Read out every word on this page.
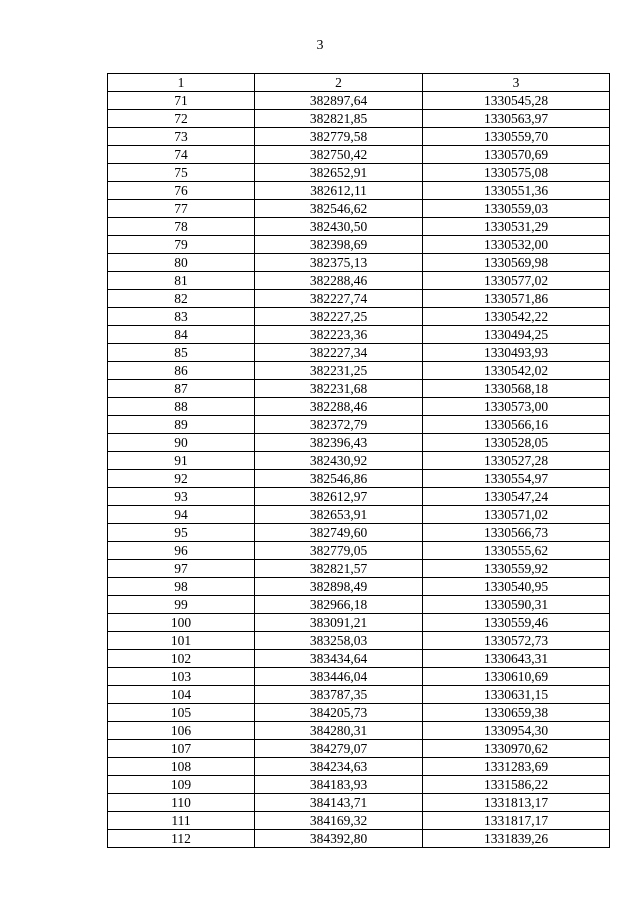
3
1	2	3
71	382897,64	1330545,28
72	382821,85	1330563,97
73	382779,58	1330559,70
74	382750,42	1330570,69
75	382652,91	1330575,08
76	382612,11	1330551,36
77	382546,62	1330559,03
78	382430,50	1330531,29
79	382398,69	1330532,00
80	382375,13	1330569,98
81	382288,46	1330577,02
82	382227,74	1330571,86
83	382227,25	1330542,22
84	382223,36	1330494,25
85	382227,34	1330493,93
86	382231,25	1330542,02
87	382231,68	1330568,18
88	382288,46	1330573,00
89	382372,79	1330566,16
90	382396,43	1330528,05
91	382430,92	1330527,28
92	382546,86	1330554,97
93	382612,97	1330547,24
94	382653,91	1330571,02
95	382749,60	1330566,73
96	382779,05	1330555,62
97	382821,57	1330559,92
98	382898,49	1330540,95
99	382966,18	1330590,31
100	383091,21	1330559,46
101	383258,03	1330572,73
102	383434,64	1330643,31
103	383446,04	1330610,69
104	383787,35	1330631,15
105	384205,73	1330659,38
106	384280,31	1330954,30
107	384279,07	1330970,62
108	384234,63	1331283,69
109	384183,93	1331586,22
110	384143,71	1331813,17
111	384169,32	1331817,17
112	384392,80	1331839,26
